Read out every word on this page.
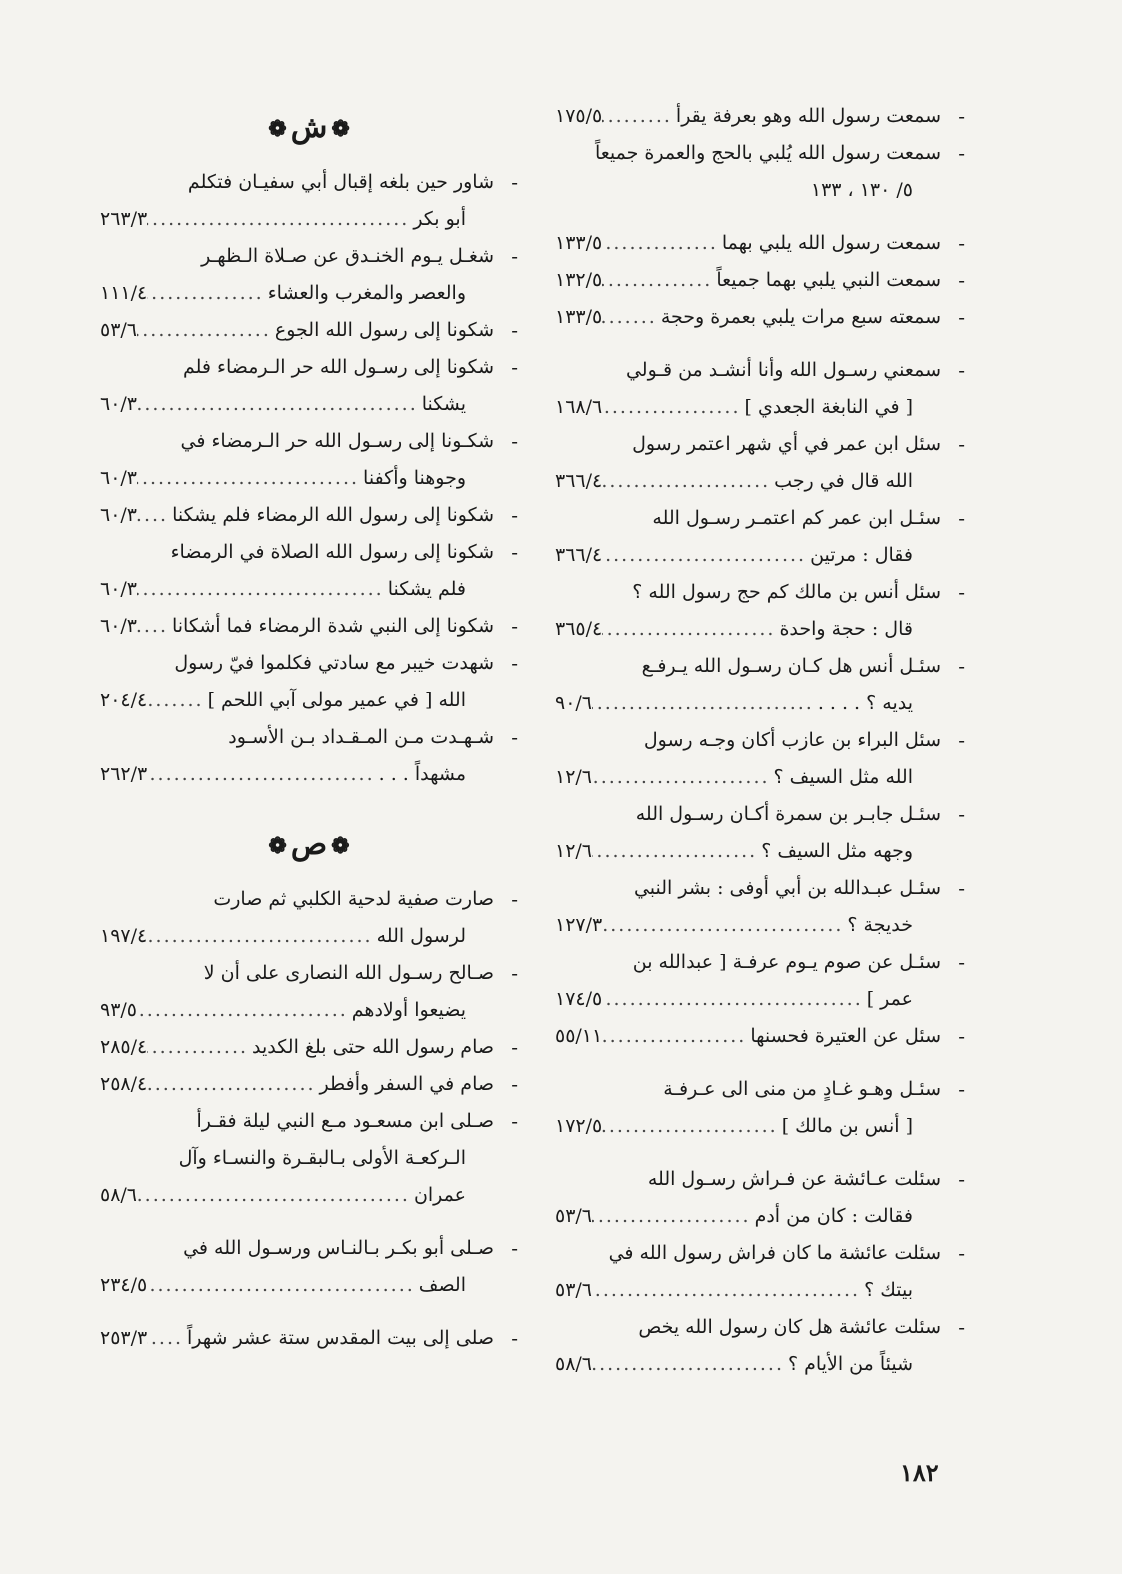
-
سمعت رسول الله وهو بعرفة يقرأ
.....
١٧٥/٥
-
سمعت رسول الله يُلبي بالحج والعمرة جميعاً
٥/ ١٣٠ ، ١٣٣
-
سمعت رسول الله يلبي بهما
.....
١٣٣/٥
-
سمعت النبي يلبي بهما جميعاً
.....
١٣٢/٥
-
سمعته سبع مرات يلبي بعمرة وحجة
.....
١٣٣/٥
-
سمعني رسـول الله وأنا أنشـد من قـولي
[ في النابغة الجعدي ]
.....
١٦٨/٦
-
سئل ابن عمر في أي شهر اعتمر رسول
الله قال في رجب
.....
٣٦٦/٤
-
سئـل ابن عمر كم اعتمـر رسـول الله
فقال : مرتين
.....
٣٦٦/٤
-
سئل أنس بن مالك كم حج رسول الله ؟
قال : حجة واحدة
.....
٣٦٥/٤
-
سئـل أنس هل كـان رسـول الله يـرفـع
يديه ؟ . . . .
.....
٩٠/٦
-
سئل البراء بن عازب أكان وجـه رسول
الله مثل السيف ؟
.....
١٢/٦
-
سئـل جابـر بن سمرة أكـان رسـول الله
وجهه مثل السيف ؟
.....
١٢/٦
-
سئـل عبـدالله بن أبي أوفى : بشر النبي
خديجة ؟
.....
١٢٧/٣
-
سئـل عن صوم يـوم عرفـة [ عبدالله بن
عمر ]
.....
١٧٤/٥
-
سئل عن العتيرة فحسنها
.....
٥٥/١١
-
سئـل وهـو غـادٍ من منى الى عـرفـة
[ أنس بن مالك ]
.....
١٧٢/٥
-
سئلت عـائشة عن فـراش رسـول الله
فقالت : كان من أدم
.....
٥٣/٦
-
سئلت عائشة ما كان فراش رسول الله في
بيتك ؟
.....
٥٣/٦
-
سئلت عائشة هل كان رسول الله يخص
شيئاً من الأيام ؟
.....
٥٨/٦
❁ش❁
-
شاور حين بلغه إقبال أبي سفيـان فتكلم
أبو بكر
.....
٢٦٣/٣
-
شغـل يـوم الخنـدق عن صـلاة الـظهـر
والعصر والمغرب والعشاء
.....
١١١/٤
-
شكونا إلى رسول الله الجوع
.....
٥٣/٦
-
شكونا إلى رسـول الله حر الـرمضاء فلم
يشكنا
.....
٦٠/٣
-
شكـونا إلى رسـول الله حر الـرمضاء في
وجوهنا وأكفنا
.....
٦٠/٣
-
شكونا إلى رسول الله الرمضاء فلم يشكنا
.....
٦٠/٣
-
شكونا إلى رسول الله الصلاة في الرمضاء
فلم يشكنا
.....
٦٠/٣
-
شكونا إلى النبي شدة الرمضاء فما أشكانا
.....
٦٠/٣
-
شهدت خيبر مع سادتي فكلموا فيّ رسول
الله [ في عمير مولى آبي اللحم ]
.....
٢٠٤/٤
-
شـهـدت مـن المـقـداد بـن الأسـود
مشهداً . . .
.....
٢٦٢/٣
❁ص❁
-
صارت صفية لدحية الكلبي ثم صارت
لرسول الله
.....
١٩٧/٤
-
صـالح رسـول الله النصارى على أن لا
يضيعوا أولادهم
.....
٩٣/٥
-
صام رسول الله حتى بلغ الكديد
.....
٢٨٥/٤
-
صام في السفر وأفطر
.....
٢٥٨/٤
-
صـلى ابن مسعـود مـع النبي ليلة فقـرأ
الـركعـة الأولى بـالبقـرة والنسـاء وآل
عمران
.....
٥٨/٦
-
صـلى أبو بكـر بـالنـاس ورسـول الله في
الصف
.....
٢٣٤/٥
-
صلى إلى بيت المقدس ستة عشر شهراً
.....
٢٥٣/٣
١٨٢
